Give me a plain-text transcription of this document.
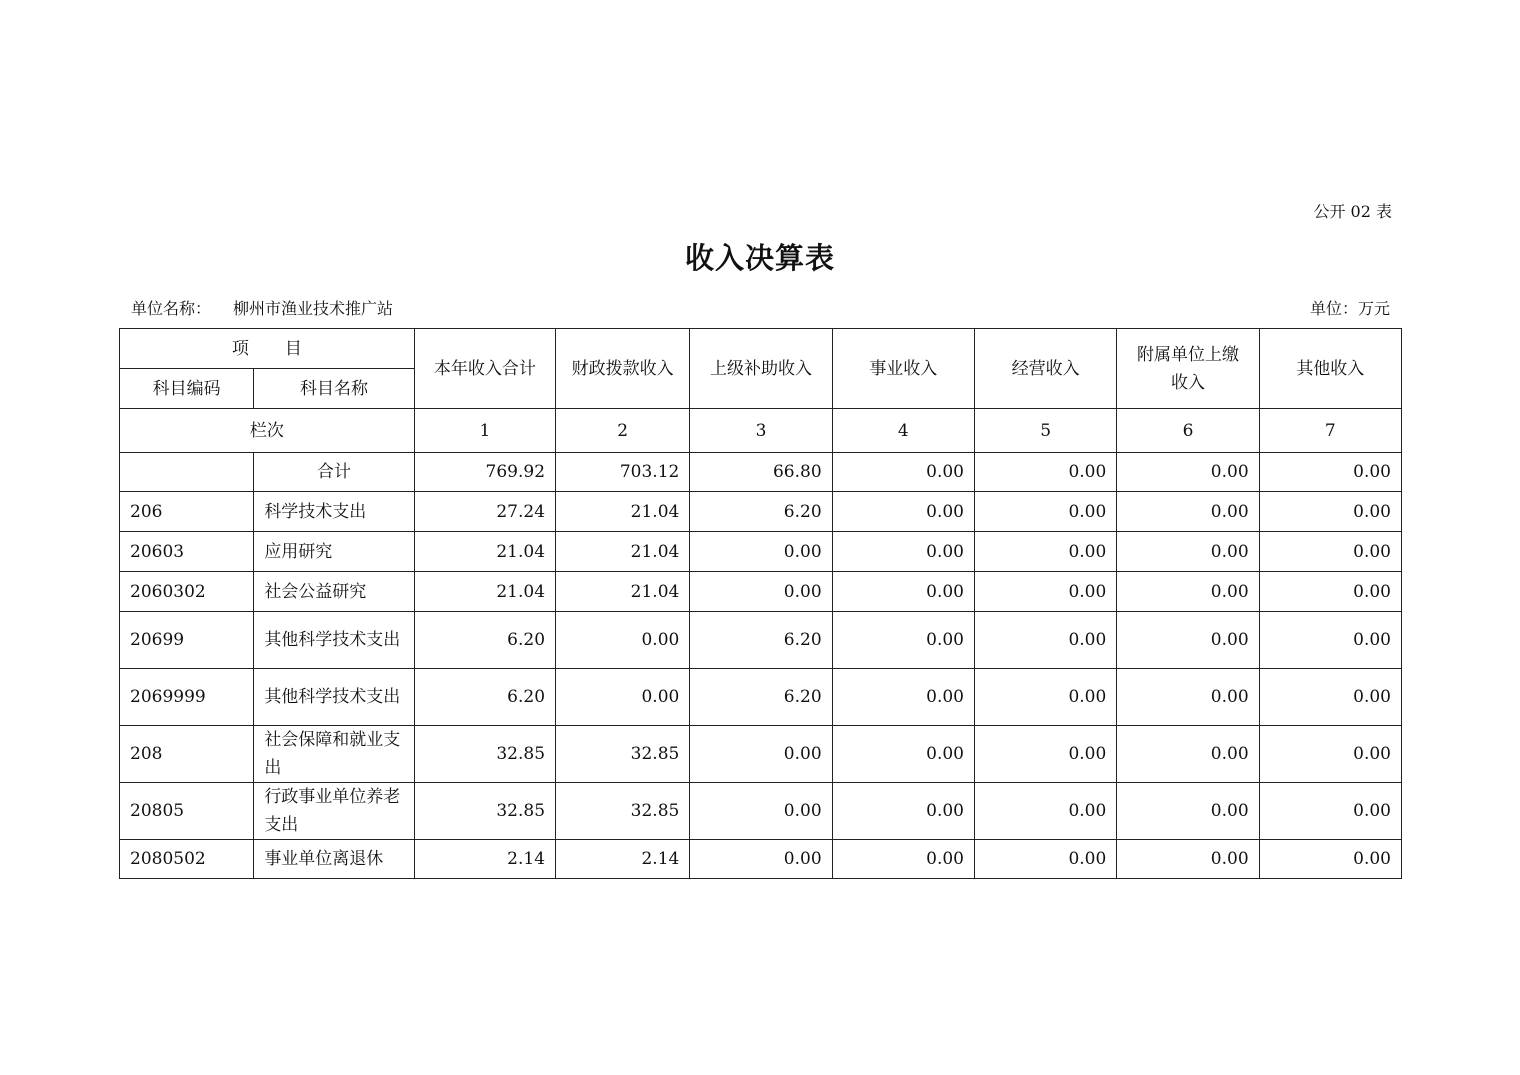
公开 02 表
收入决算表
单位名称： 柳州市渔业技术推广站	单位：万元
项 目		本年收入合计	财政拨款收入	上级补助收入	事业收入	经营收入	附属单位上缴收入	其他收入
科目编码	科目名称							
栏次		1	2	3	4	5	6	7
	合计	769.92	703.12	66.80	0.00	0.00	0.00	0.00
206	科学技术支出	27.24	21.04	6.20	0.00	0.00	0.00	0.00
20603	应用研究	21.04	21.04	0.00	0.00	0.00	0.00	0.00
2060302	社会公益研究	21.04	21.04	0.00	0.00	0.00	0.00	0.00
20699	其他科学技术支出	6.20	0.00	6.20	0.00	0.00	0.00	0.00
2069999	其他科学技术支出	6.20	0.00	6.20	0.00	0.00	0.00	0.00
208	社会保障和就业支出	32.85	32.85	0.00	0.00	0.00	0.00	0.00
20805	行政事业单位养老支出	32.85	32.85	0.00	0.00	0.00	0.00	0.00
2080502	事业单位离退休	2.14	2.14	0.00	0.00	0.00	0.00	0.00
